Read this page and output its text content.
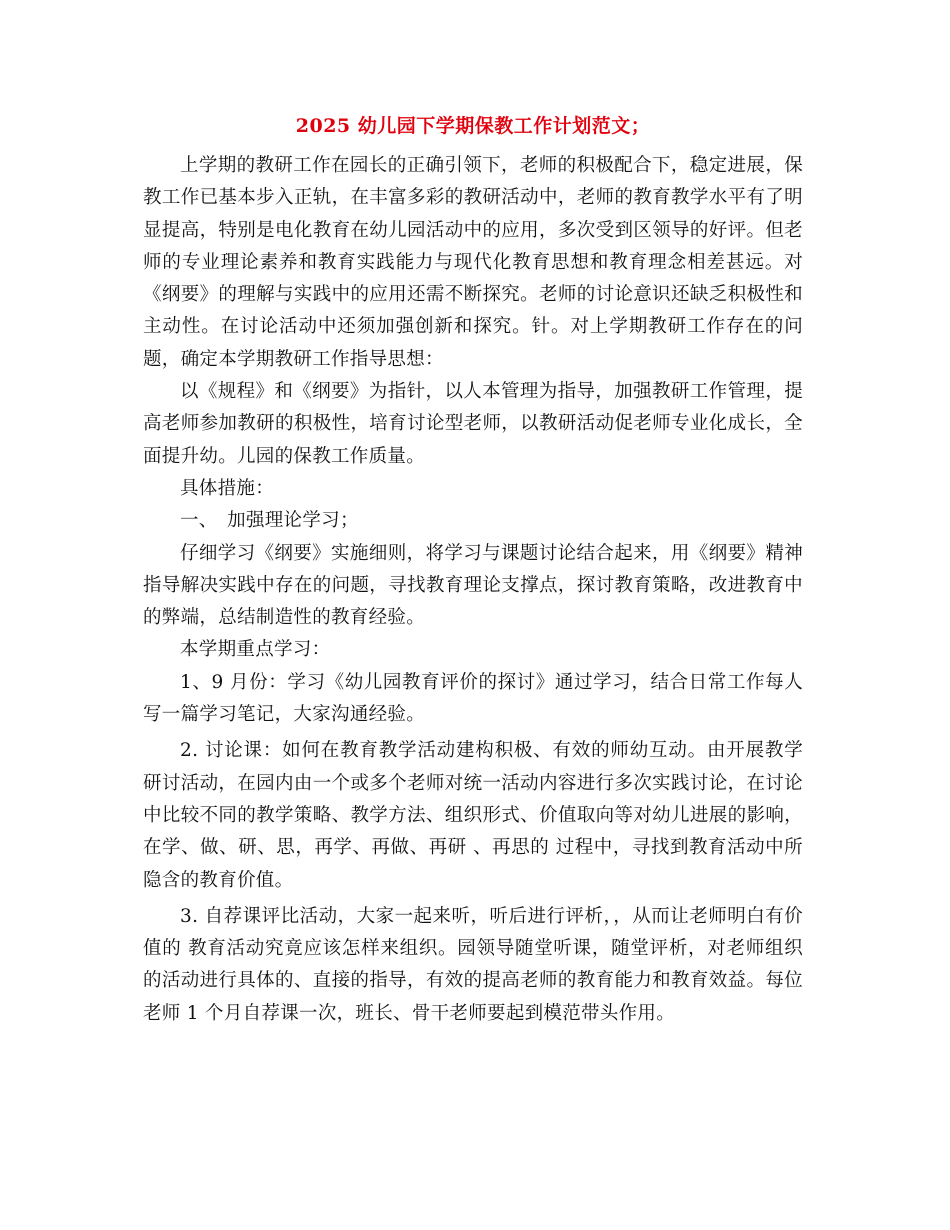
2025 幼儿园下学期保教工作计划范文；

上学期的教研工作在园长的正确引领下，老师的积极配合下，稳定进展，保教工作已基本步入正轨，在丰富多彩的教研活动中，老师的教育教学水平有了明显提高，特别是电化教育在幼儿园活动中的应用，多次受到区领导的好评。但老师的专业理论素养和教育实践能力与现代化教育思想和教育理念相差甚远。对《纲要》的理解与实践中的应用还需不断探究。老师的讨论意识还缺乏积极性和主动性。在讨论活动中还须加强创新和探究。针。对上学期教研工作存在的问题，确定本学期教研工作指导思想：

以《规程》和《纲要》为指针，以人本管理为指导，加强教研工作管理，提高老师参加教研的积极性，培育讨论型老师，以教研活动促老师专业化成长，全面提升幼。儿园的保教工作质量。

具体措施：

一、　加强理论学习；

仔细学习《纲要》实施细则，将学习与课题讨论结合起来，用《纲要》精神指导解决实践中存在的问题，寻找教育理论支撑点，探讨教育策略，改进教育中的弊端，总结制造性的教育经验。

本学期重点学习：

1、9 月份：学习《幼儿园教育评价的探讨》通过学习，结合日常工作每人写一篇学习笔记，大家沟通经验。

2. 讨论课：如何在教育教学活动建构积极、有效的师幼互动。由开展教学研讨活动，在园内由一个或多个老师对统一活动内容进行多次实践讨论，在讨论中比较不同的教学策略、教学方法、组织形式、价值取向等对幼儿进展的影响，在学、做、研、思，再学、再做、再研 、再思的 过程中，寻找到教育活动中所隐含的教育价值。

3. 自荐课评比活动，大家一起来听，听后进行评析，，从而让老师明白有价值的 教育活动究竟应该怎样来组织。园领导随堂听课，随堂评析，对老师组织的活动进行具体的、直接的指导，有效的提高老师的教育能力和教育效益。每位老师 1 个月自荐课一次，班长、骨干老师要起到模范带头作用。
